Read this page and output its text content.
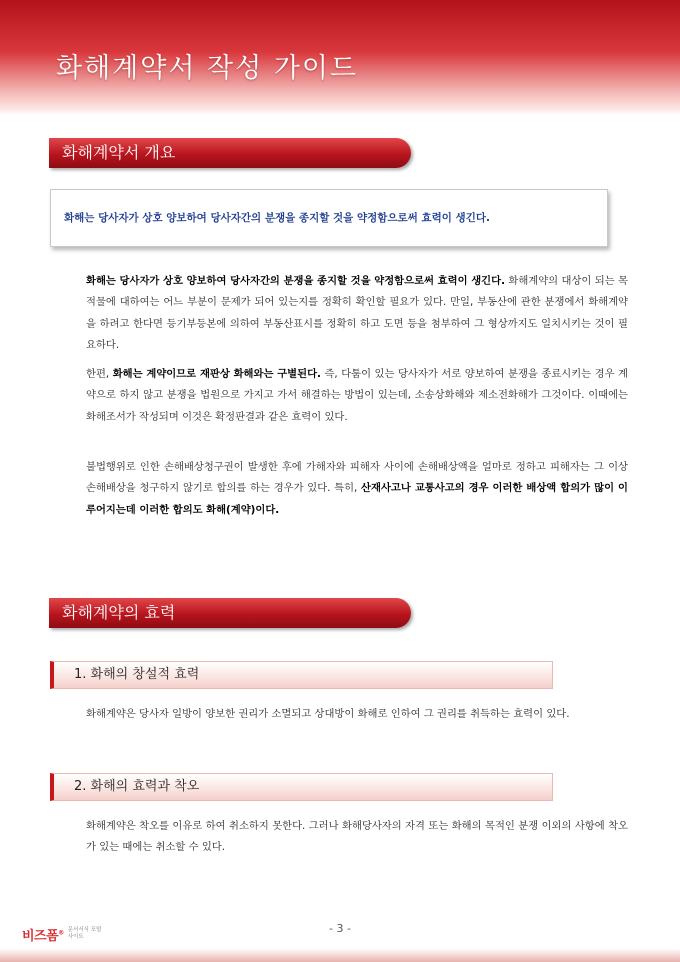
화해계약서 작성 가이드
화해계약서 개요
화해는 당사자가 상호 양보하여 당사자간의 분쟁을 종지할 것을 약정함으로써 효력이 생긴다.

화해는 당사자가 상호 양보하여 당사자간의 분쟁을 종지할 것을 약정함으로써 효력이 생긴다. 화해계약의 대상이 되는 목적물에 대하여는 어느 부분이 문제가 되어 있는지를 정확히 확인할 필요가 있다. 만일, 부동산에 관한 분쟁에서 화해계약을 하려고 한다면 등기부등본에 의하여 부동산표시를 정확히 하고 도면 등을 첨부하여 그 형상까지도 일치시키는 것이 필요하다.

한편, 화해는 계약이므로 재판상 화해와는 구별된다. 즉, 다툼이 있는 당사자가 서로 양보하여 분쟁을 종료시키는 경우 계약으로 하지 않고 분쟁을 법원으로 가지고 가서 해결하는 방법이 있는데, 소송상화해와 제소전화해가 그것이다. 이때에는 화해조서가 작성되며 이것은 확정판결과 같은 효력이 있다.

불법행위로 인한 손해배상청구권이 발생한 후에 가해자와 피해자 사이에 손해배상액을 얼마로 정하고 피해자는 그 이상 손해배상을 청구하지 않기로 합의를 하는 경우가 있다. 특히, 산재사고나 교통사고의 경우 이러한 배상액 합의가 많이 이루어지는데 이러한 합의도 화해(계약)이다.

화해계약의 효력
1. 화해의 창설적 효력

화해계약은 당사자 일방이 양보한 권리가 소멸되고 상대방이 화해로 인하여 그 권리를 취득하는 효력이 있다.

2. 화해의 효력과 착오

화해계약은 착오를 이유로 하여 취소하지 못한다. 그러나 화해당사자의 자격 또는 화해의 목적인 분쟁 이외의 사항에 착오가 있는 때에는 취소할 수 있다.

비즈폼® 문서서식 포털사이트
- 3 -
